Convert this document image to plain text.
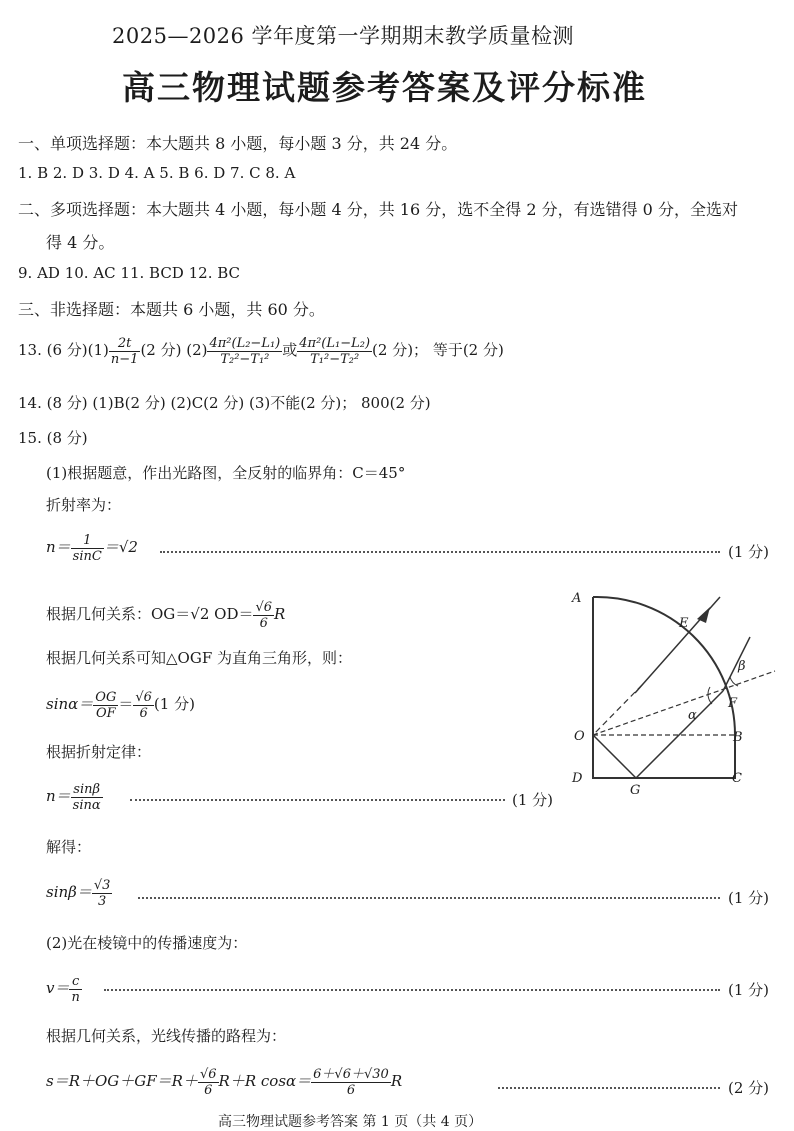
2025—2026 学年度第一学期期末教学质量检测
高三物理试题参考答案及评分标准
一、单项选择题：本大题共 8 小题，每小题 3 分，共 24 分。
1. B 2. D 3. D 4. A 5. B 6. D 7. C 8. A
二、多项选择题：本大题共 4 小题，每小题 4 分，共 16 分，选不全得 2 分，有选错得 0 分，全选对
得 4 分。
9. AD 10. AC 11. BCD 12. BC
三、非选择题：本题共 6 小题，共 60 分。
13. (6 分)$(1) \frac{2t}{n-1} (2$ 分) $(2) \frac{\text{4π²(L₂−L₁)}}{\text{T₂²−T₁²}}$ 或 $\frac{\text{4π²(L₁−L₂)}}{\text{T₁²−T₂²}} (2$ 分)； 等于(2 分)
14. (8 分) (1)B(2 分) (2)C(2 分) (3)不能(2 分)； 800(2 分)
15. (8 分)
(1)根据题意，作出光路图，全反射的临界角：C＝45°
折射率为：
$n= \frac{1}{\sin C} =√2$	(1 分)
根据几何关系：OG＝√2 $OD= \frac{√6}{6}$ R
根据几何关系可知△OGF 为直角三角形，则：
$\sin\alpha= \frac{OG}{OF} = \frac{√6}{6} (1$ 分)
根据折射定律：
$n= \frac{\sin\beta}{\sin\alpha}$	(1 分)
解得：
$\sin\beta= \frac{√3}{3}$	(1 分)
(2)光在棱镜中的传播速度为：
$v= \frac{c}{n}$	(1 分)
根据几何关系，光线传播的路程为：
$s=R+OG+GF=R+ \frac{√6}{6} R+R$ $\cos\alpha= \frac{6+√6+√30}{6}$ R	(2 分)
A
E
F
O	B
D
G
C
α
β
高三物理试题参考答案 第 1 页（共 4 页）
